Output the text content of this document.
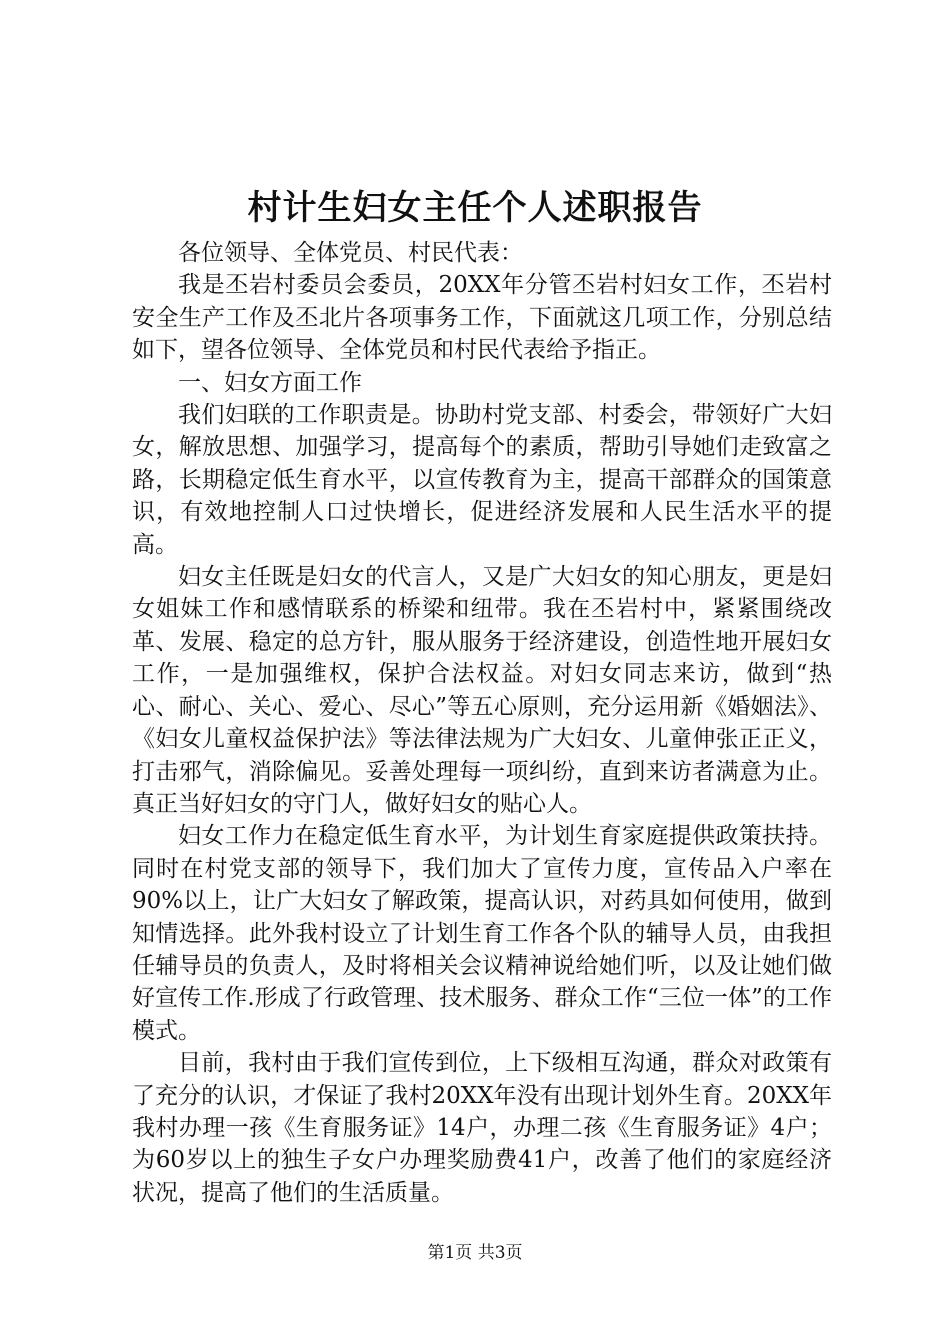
村计生妇女主任个人述职报告

各位领导、全体党员、村民代表：

我是丕岩村委员会委员，20XX年分管丕岩村妇女工作，丕岩村安全生产工作及丕北片各项事务工作，下面就这几项工作，分别总结如下，望各位领导、全体党员和村民代表给予指正。

一、妇女方面工作

我们妇联的工作职责是。协助村党支部、村委会，带领好广大妇女，解放思想、加强学习，提高每个的素质，帮助引导她们走致富之路，长期稳定低生育水平，以宣传教育为主，提高干部群众的国策意识，有效地控制人口过快增长，促进经济发展和人民生活水平的提高。

妇女主任既是妇女的代言人，又是广大妇女的知心朋友，更是妇女姐妹工作和感情联系的桥梁和纽带。我在丕岩村中，紧紧围绕改革、发展、稳定的总方针，服从服务于经济建设，创造性地开展妇女工作，一是加强维权，保护合法权益。对妇女同志来访，做到“热心、耐心、关心、爱心、尽心”等五心原则，充分运用新《婚姻法》、《妇女儿童权益保护法》等法律法规为广大妇女、儿童伸张正正义，打击邪气，消除偏见。妥善处理每一项纠纷，直到来访者满意为止。真正当好妇女的守门人，做好妇女的贴心人。

妇女工作力在稳定低生育水平，为计划生育家庭提供政策扶持。同时在村党支部的领导下，我们加大了宣传力度，宣传品入户率在90%以上，让广大妇女了解政策，提高认识，对药具如何使用，做到知情选择。此外我村设立了计划生育工作各个队的辅导人员，由我担任辅导员的负责人，及时将相关会议精神说给她们听，以及让她们做好宣传工作.形成了行政管理、技术服务、群众工作“三位一体”的工作模式。

目前，我村由于我们宣传到位，上下级相互沟通，群众对政策有了充分的认识，才保证了我村20XX年没有出现计划外生育。20XX年我村办理一孩《生育服务证》14户，办理二孩《生育服务证》4户；为60岁以上的独生子女户办理奖励费41户，改善了他们的家庭经济状况，提高了他们的生活质量。

第1页 共3页
